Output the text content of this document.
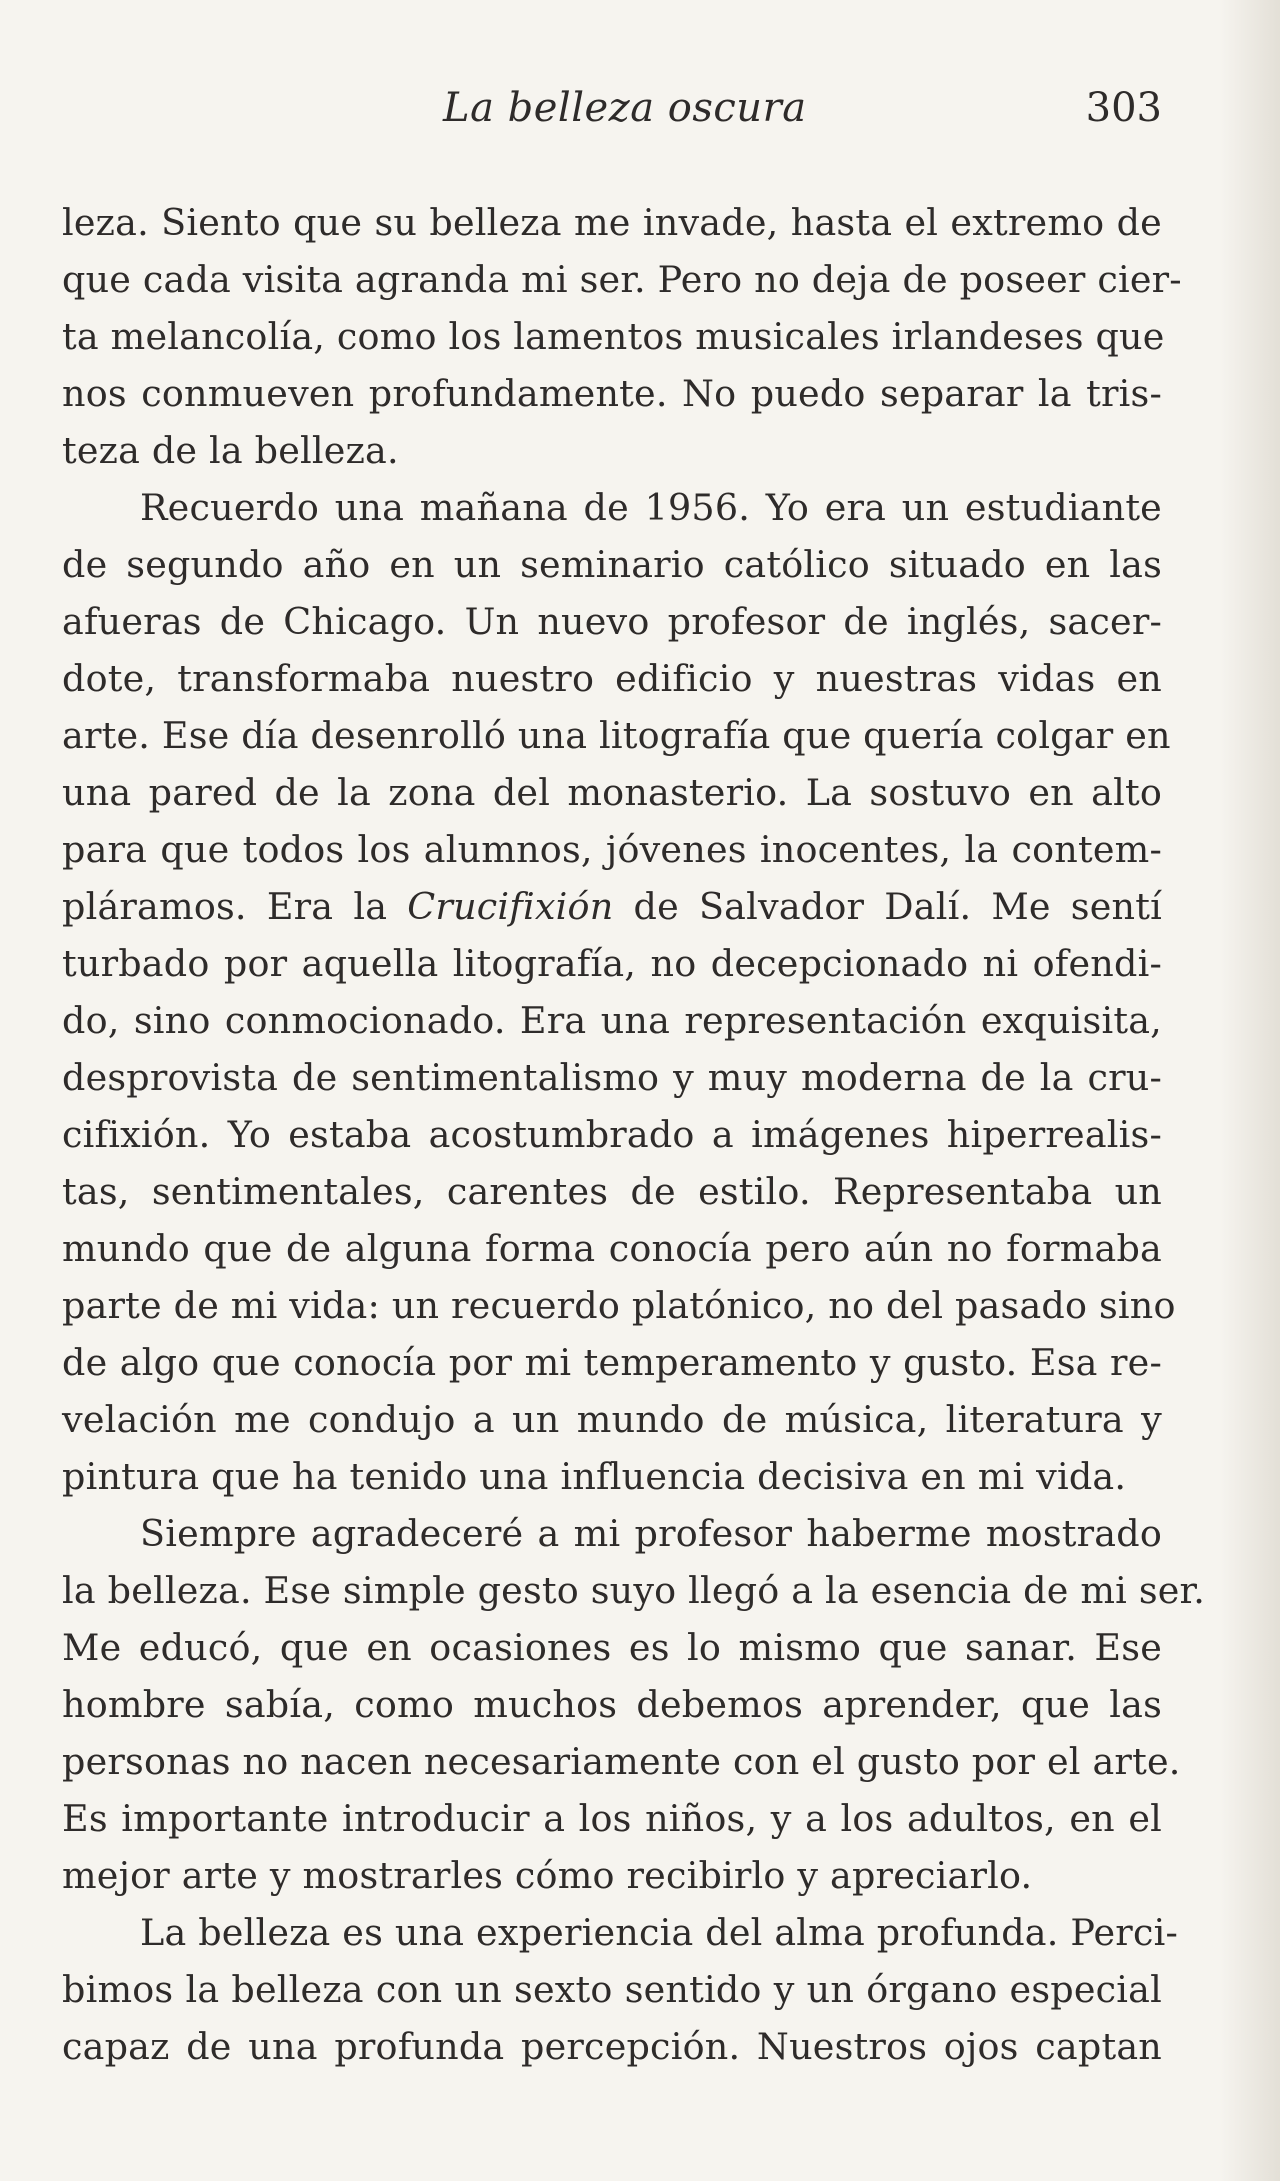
La belleza oscura	303
leza. Siento que su belleza me invade, hasta el extremo de
que cada visita agranda mi ser. Pero no deja de poseer cier-
ta melancolía, como los lamentos musicales irlandeses que
nos conmueven profundamente. No puedo separar la tris-
teza de la belleza.
Recuerdo una mañana de 1956. Yo era un estudiante
de segundo año en un seminario católico situado en las
afueras de Chicago. Un nuevo profesor de inglés, sacer-
dote, transformaba nuestro edificio y nuestras vidas en
arte. Ese día desenrolló una litografía que quería colgar en
una pared de la zona del monasterio. La sostuvo en alto
para que todos los alumnos, jóvenes inocentes, la contem-
pláramos. Era la Crucifixión de Salvador Dalí. Me sentí
turbado por aquella litografía, no decepcionado ni ofendi-
do, sino conmocionado. Era una representación exquisita,
desprovista de sentimentalismo y muy moderna de la cru-
cifixión. Yo estaba acostumbrado a imágenes hiperrealis-
tas, sentimentales, carentes de estilo. Representaba un
mundo que de alguna forma conocía pero aún no formaba
parte de mi vida: un recuerdo platónico, no del pasado sino
de algo que conocía por mi temperamento y gusto. Esa re-
velación me condujo a un mundo de música, literatura y
pintura que ha tenido una influencia decisiva en mi vida.
Siempre agradeceré a mi profesor haberme mostrado
la belleza. Ese simple gesto suyo llegó a la esencia de mi ser.
Me educó, que en ocasiones es lo mismo que sanar. Ese
hombre sabía, como muchos debemos aprender, que las
personas no nacen necesariamente con el gusto por el arte.
Es importante introducir a los niños, y a los adultos, en el
mejor arte y mostrarles cómo recibirlo y apreciarlo.
La belleza es una experiencia del alma profunda. Perci-
bimos la belleza con un sexto sentido y un órgano especial
capaz de una profunda percepción. Nuestros ojos captan
